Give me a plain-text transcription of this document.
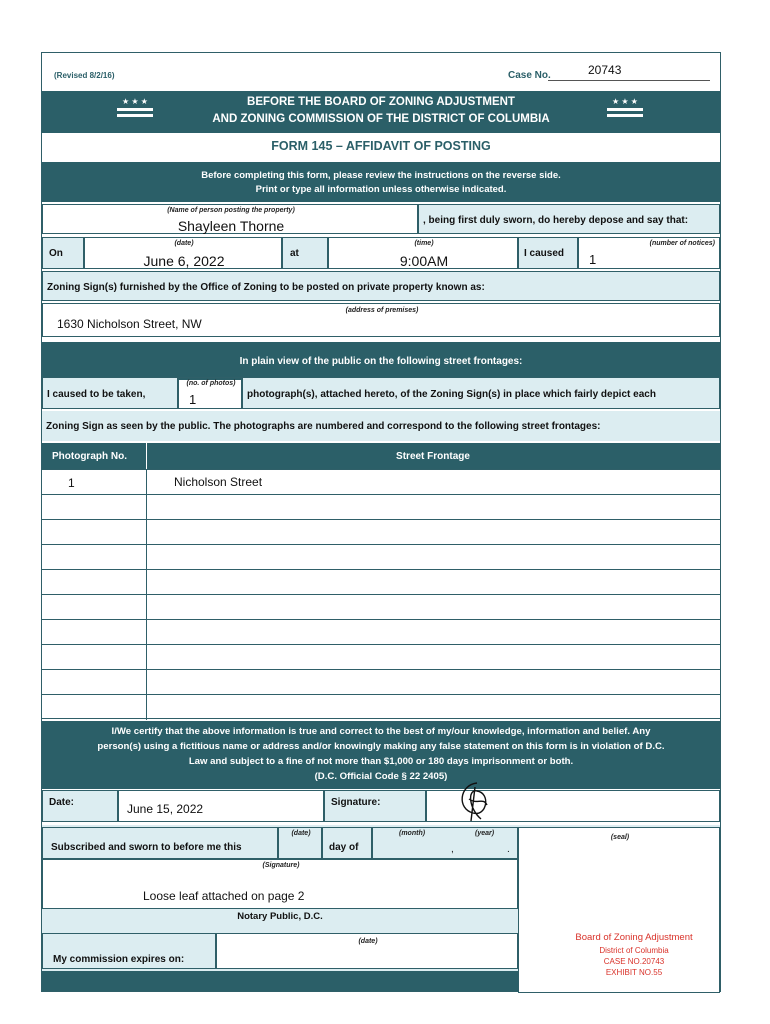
(Revised 8/2/16)	Case No.	20743
★ ★ ★	★ ★ ★
BEFORE THE BOARD OF ZONING ADJUSTMENT
AND ZONING COMMISSION OF THE DISTRICT OF COLUMBIA
FORM 145 – AFFIDAVIT OF POSTING
Before completing this form, please review the instructions on the reverse side.
Print or type all information unless otherwise indicated.
(Name of person posting the property)
Shayleen Thorne	, being first duly sworn, do hereby depose and say that:
On
(date)
June 6, 2022	at
(time)
9:00AM	I caused
(number of notices)
1
Zoning Sign(s) furnished by the Office of Zoning to be posted on private property known as:
(address of premises)
1630 Nicholson Street, NW
In plain view of the public on the following street frontages:
I caused to be taken,
(no. of photos)
1	photograph(s), attached hereto, of the Zoning Sign(s) in place which fairly depict each
Zoning Sign as seen by the public. The photographs are numbered and correspond to the following street frontages:
Photograph No.	Street Frontage
1	Nicholson Street
I/We certify that the above information is true and correct to the best of my/our knowledge, information and belief. Any
person(s) using a fictitious name or address and/or knowingly making any false statement on this form is in violation of D.C.
Law and subject to a fine of not more than $1,000 or 180 days imprisonment or both.
(D.C. Official Code § 22 2405)
Date:	June 15, 2022	Signature:
Subscribed and sworn to before me this
(date)
day of
(month)	(year)
,	.
(seal)
Board of Zoning Adjustment
District of Columbia
CASE NO.20743
EXHIBIT NO.55
(Signature)
Loose leaf attached on page 2
Notary Public, D.C.
My commission expires on:
(date)
